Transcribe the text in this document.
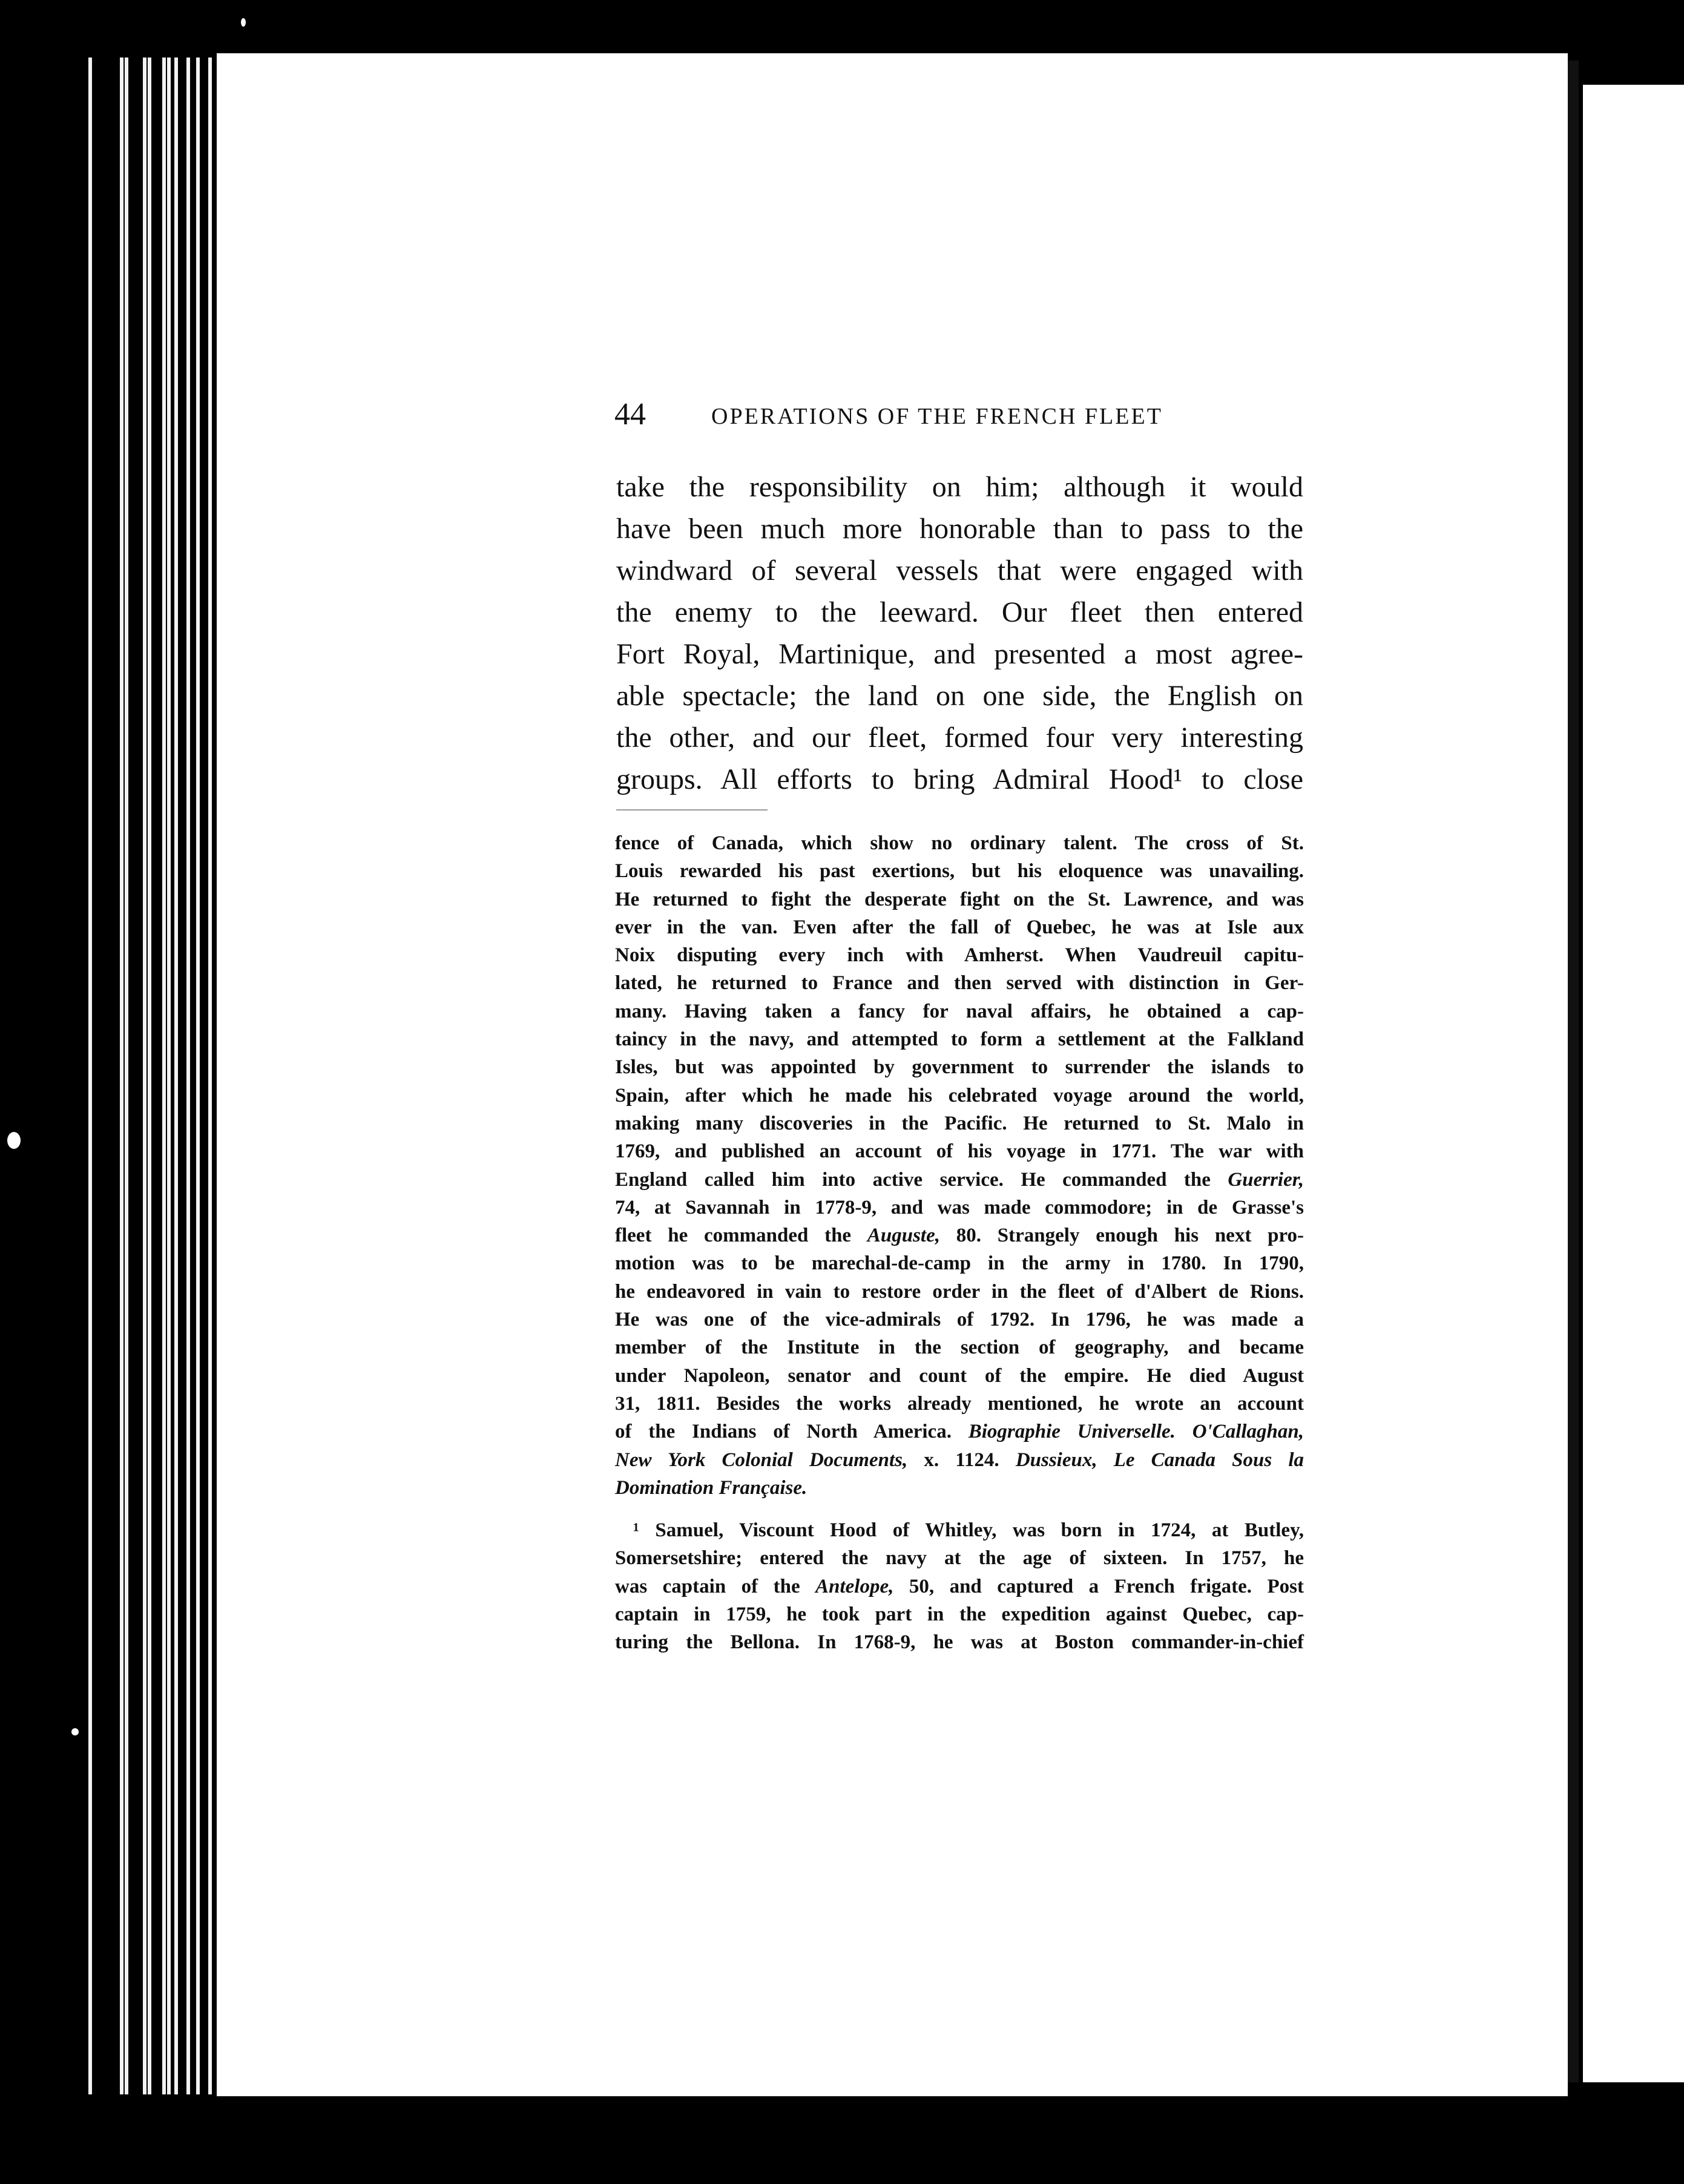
44	OPERATIONS OF THE FRENCH FLEET
take the responsibility on him; although it would
have been much more honorable than to pass to the
windward of several vessels that were engaged with
the enemy to the leeward. Our fleet then entered
Fort Royal, Martinique, and presented a most agree-
able spectacle; the land on one side, the English on
the other, and our fleet, formed four very interesting
groups. All efforts to bring Admiral Hood¹ to close
fence of Canada, which show no ordinary talent. The cross of St.
Louis rewarded his past exertions, but his eloquence was unavailing.
He returned to fight the desperate fight on the St. Lawrence, and was
ever in the van. Even after the fall of Quebec, he was at Isle aux
Noix disputing every inch with Amherst. When Vaudreuil capitu-
lated, he returned to France and then served with distinction in Ger-
many. Having taken a fancy for naval affairs, he obtained a cap-
taincy in the navy, and attempted to form a settlement at the Falkland
Isles, but was appointed by government to surrender the islands to
Spain, after which he made his celebrated voyage around the world,
making many discoveries in the Pacific. He returned to St. Malo in
1769, and published an account of his voyage in 1771. The war with
England called him into active service. He commanded the Guerrier,
74, at Savannah in 1778-9, and was made commodore; in de Grasse's
fleet he commanded the Auguste, 80. Strangely enough his next pro-
motion was to be marechal-de-camp in the army in 1780. In 1790,
he endeavored in vain to restore order in the fleet of d'Albert de Rions.
He was one of the vice-admirals of 1792. In 1796, he was made a
member of the Institute in the section of geography, and became
under Napoleon, senator and count of the empire. He died August
31, 1811. Besides the works already mentioned, he wrote an account
of the Indians of North America. Biographie Universelle. O'Callaghan,
New York Colonial Documents, x. 1124. Dussieux, Le Canada Sous la
Domination Française.
¹ Samuel, Viscount Hood of Whitley, was born in 1724, at Butley,
Somersetshire; entered the navy at the age of sixteen. In 1757, he
was captain of the Antelope, 50, and captured a French frigate. Post
captain in 1759, he took part in the expedition against Quebec, cap-
turing the Bellona. In 1768-9, he was at Boston commander-in-chief
